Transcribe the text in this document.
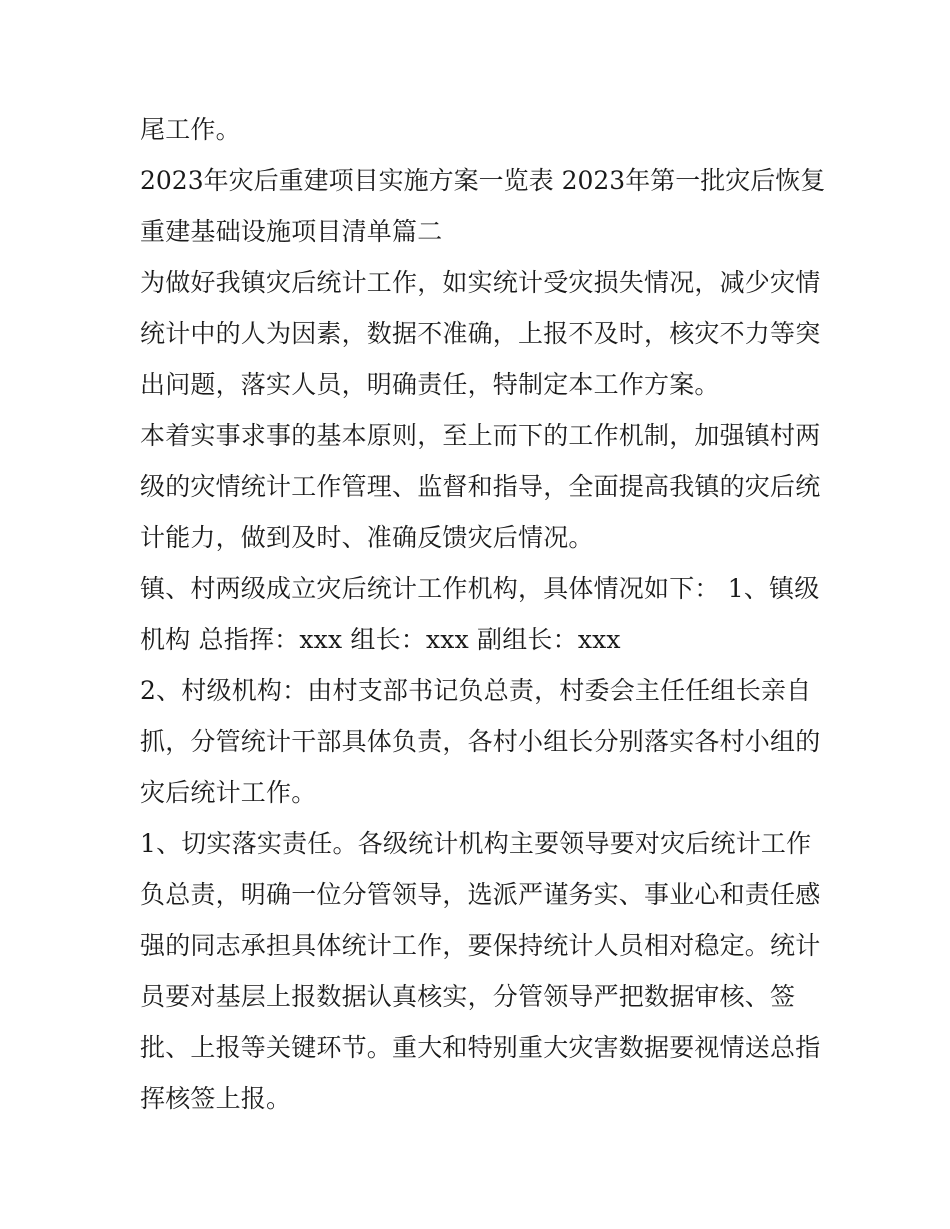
尾工作。
2023年灾后重建项目实施方案一览表 2023年第一批灾后恢复
重建基础设施项目清单篇二
为做好我镇灾后统计工作，如实统计受灾损失情况，减少灾情
统计中的人为因素，数据不准确，上报不及时，核灾不力等突
出问题，落实人员，明确责任，特制定本工作方案。
本着实事求事的基本原则，至上而下的工作机制，加强镇村两
级的灾情统计工作管理、监督和指导，全面提高我镇的灾后统
计能力，做到及时、准确反馈灾后情况。
镇、村两级成立灾后统计工作机构，具体情况如下： 1、镇级
机构 总指挥：xxx 组长：xxx 副组长：xxx
2、村级机构：由村支部书记负总责，村委会主任任组长亲自
抓，分管统计干部具体负责，各村小组长分别落实各村小组的
灾后统计工作。
1、切实落实责任。各级统计机构主要领导要对灾后统计工作
负总责，明确一位分管领导，选派严谨务实、事业心和责任感
强的同志承担具体统计工作，要保持统计人员相对稳定。统计
员要对基层上报数据认真核实，分管领导严把数据审核、签
批、上报等关键环节。重大和特别重大灾害数据要视情送总指
挥核签上报。
